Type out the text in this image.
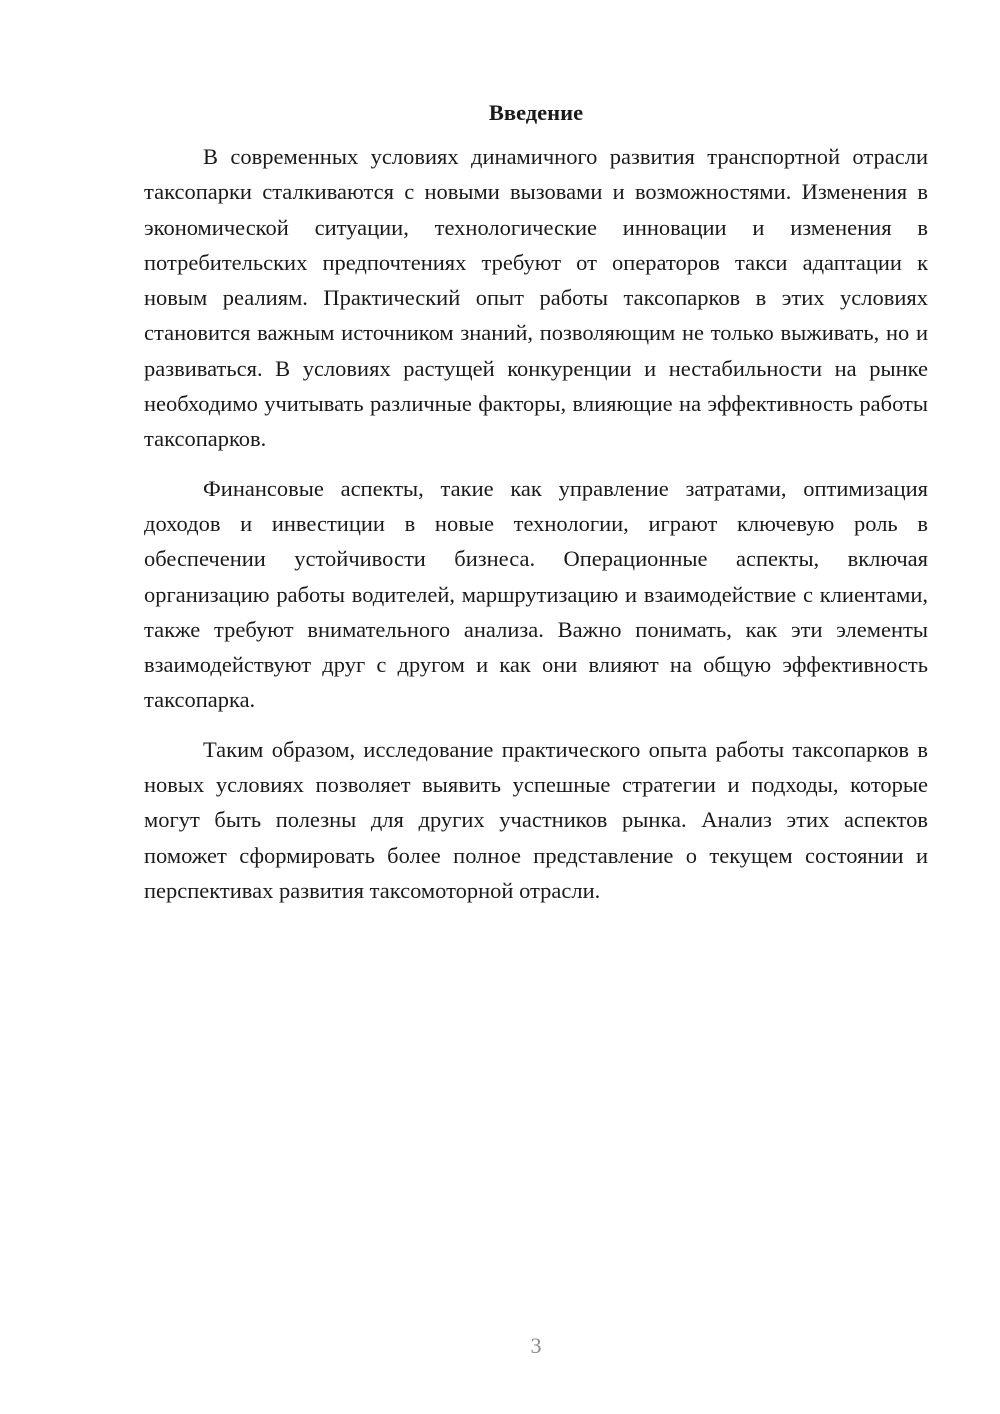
Введение

В современных условиях динамичного развития транспортной отрасли таксопарки сталкиваются с новыми вызовами и возможностями. Изменения в экономической ситуации, технологические инновации и изменения в потребительских предпочтениях требуют от операторов такси адаптации к новым реалиям. Практический опыт работы таксопарков в этих условиях становится важным источником знаний, позволяющим не только выживать, но и развиваться. В условиях растущей конкуренции и нестабильности на рынке необходимо учитывать различные факторы, влияющие на эффективность работы таксопарков.

Финансовые аспекты, такие как управление затратами, оптимизация доходов и инвестиции в новые технологии, играют ключевую роль в обеспечении устойчивости бизнеса. Операционные аспекты, включая организацию работы водителей, маршрутизацию и взаимодействие с клиентами, также требуют внимательного анализа. Важно понимать, как эти элементы взаимодействуют друг с другом и как они влияют на общую эффективность таксопарка.

Таким образом, исследование практического опыта работы таксопарков в новых условиях позволяет выявить успешные стратегии и подходы, которые могут быть полезны для других участников рынка. Анализ этих аспектов поможет сформировать более полное представление о текущем состоянии и перспективах развития таксомоторной отрасли.

3
